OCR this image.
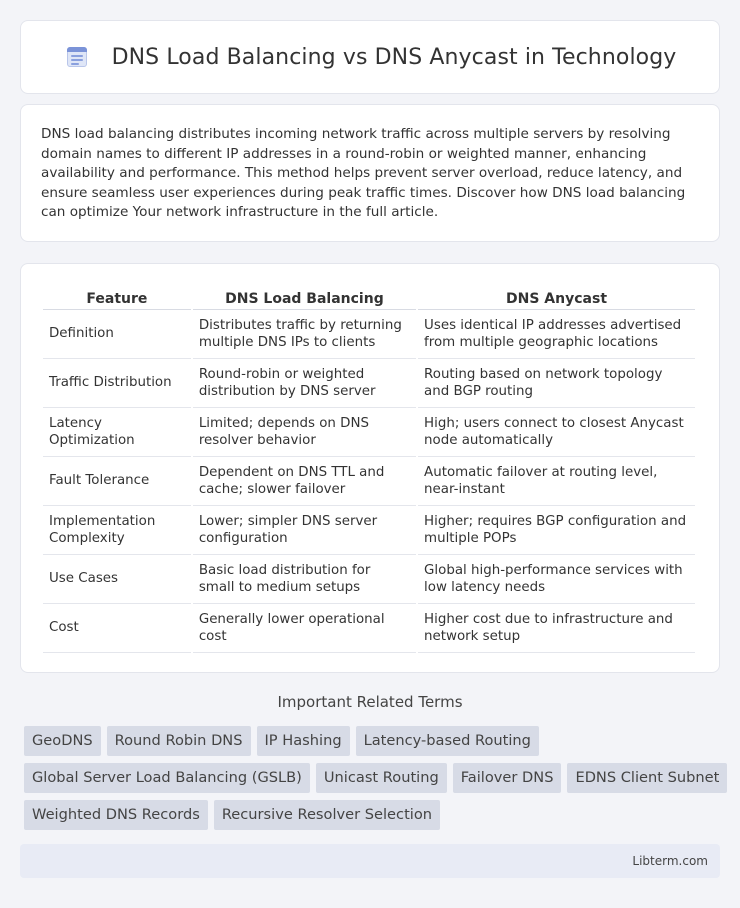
DNS Load Balancing vs DNS Anycast in Technology

DNS load balancing distributes incoming network traffic across multiple servers by resolving domain names to different IP addresses in a round-robin or weighted manner, enhancing availability and performance. This method helps prevent server overload, reduce latency, and ensure seamless user experiences during peak traffic times. Discover how DNS load balancing can optimize Your network infrastructure in the full article.

Feature	DNS Load Balancing	DNS Anycast
Definition	Distributes traffic by returning multiple DNS IPs to clients	Uses identical IP addresses advertised from multiple geographic locations
Traffic Distribution	Round-robin or weighted distribution by DNS server	Routing based on network topology and BGP routing
Latency Optimization	Limited; depends on DNS resolver behavior	High; users connect to closest Anycast node automatically
Fault Tolerance	Dependent on DNS TTL and cache; slower failover	Automatic failover at routing level, near-instant
Implementation Complexity	Lower; simpler DNS server configuration	Higher; requires BGP configuration and multiple POPs
Use Cases	Basic load distribution for small to medium setups	Global high-performance services with low latency needs
Cost	Generally lower operational cost	Higher cost due to infrastructure and network setup
Important Related Terms
GeoDNS	Round Robin DNS	IP Hashing	Latency-based Routing
Global Server Load Balancing (GSLB)	Unicast Routing	Failover DNS	EDNS Client Subnet
Weighted DNS Records	Recursive Resolver Selection
Libterm.com
